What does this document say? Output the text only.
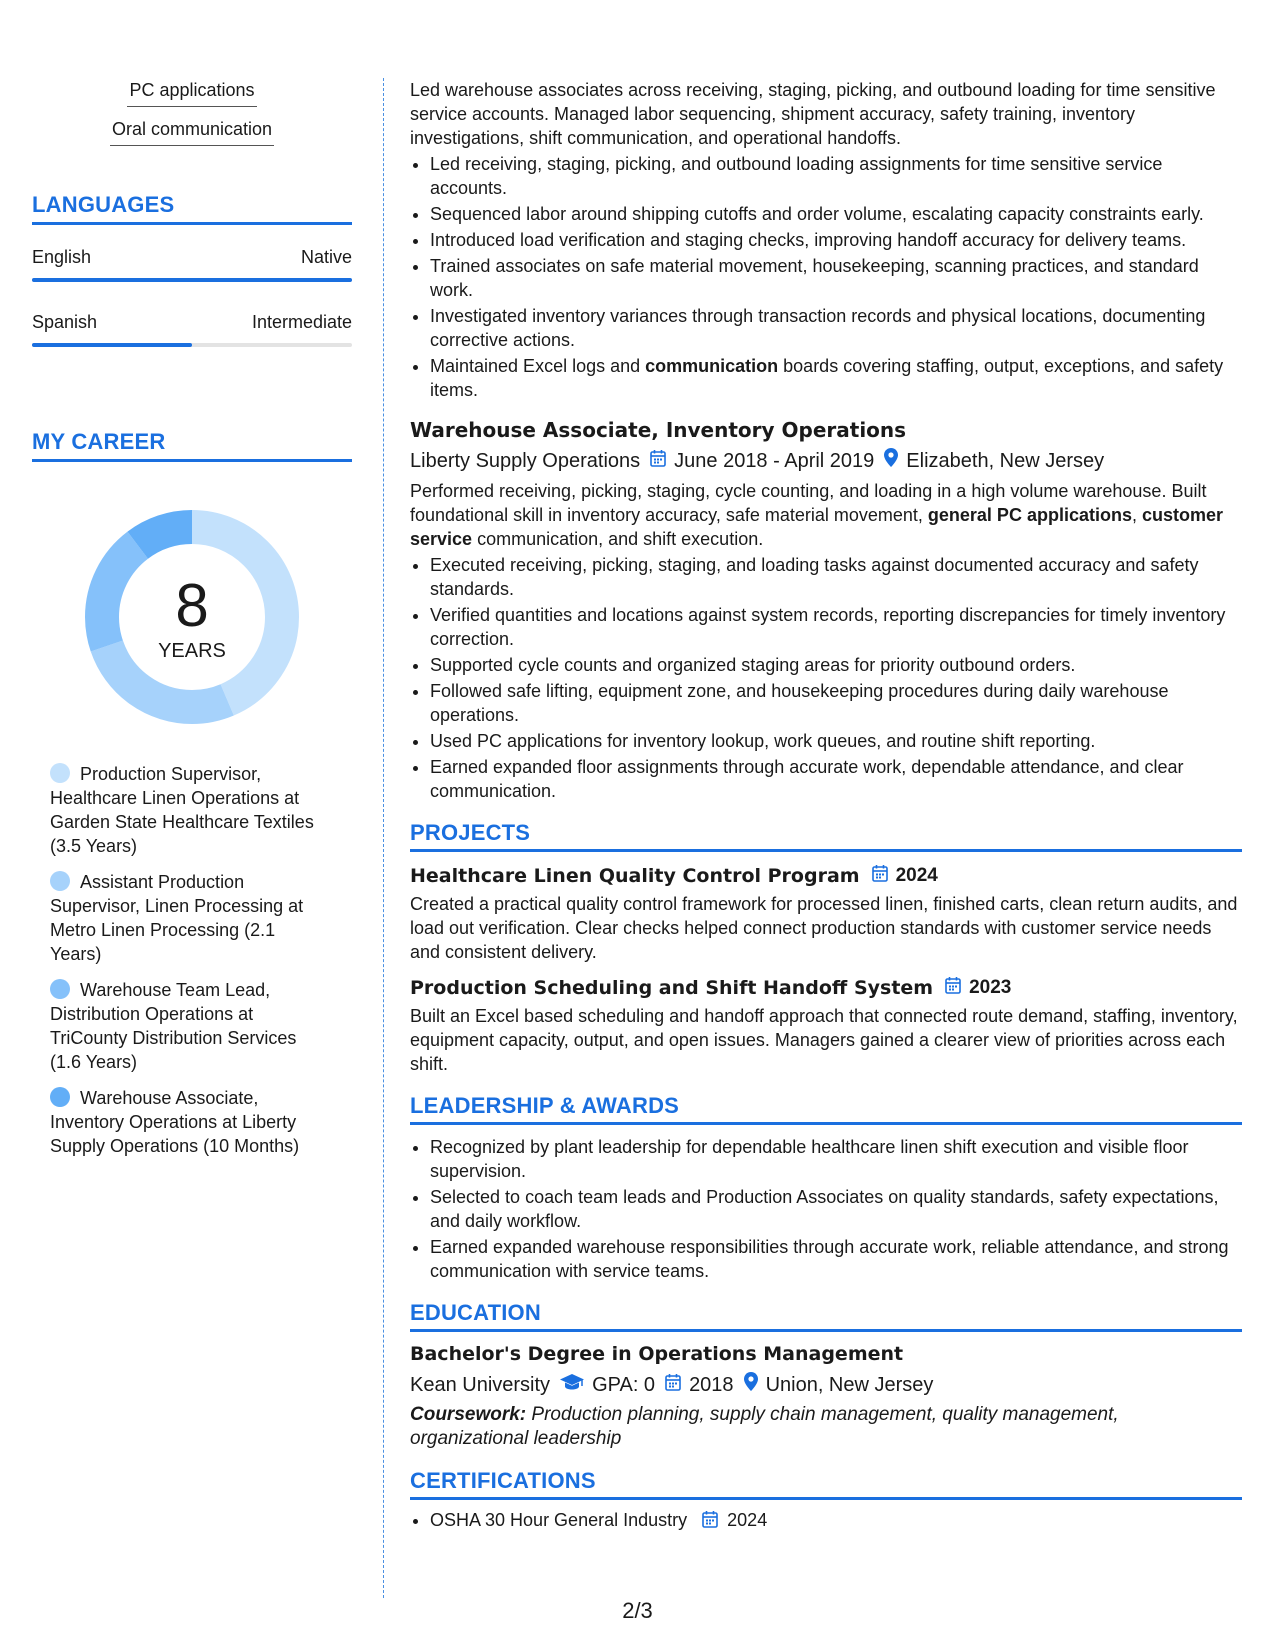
PC applications
Oral communication
LANGUAGES
English	Native
Spanish	Intermediate
MY CAREER
8
YEARS
Production Supervisor, Healthcare Linen Operations at Garden State Healthcare Textiles (3.5 Years)
Assistant Production Supervisor, Linen Processing at Metro Linen Processing (2.1 Years)
Warehouse Team Lead, Distribution Operations at TriCounty Distribution Services (1.6 Years)
Warehouse Associate, Inventory Operations at Liberty Supply Operations (10 Months)

Led warehouse associates across receiving, staging, picking, and outbound loading for time sensitive service accounts. Managed labor sequencing, shipment accuracy, safety training, inventory investigations, shift communication, and operational handoffs.

• Led receiving, staging, picking, and outbound loading assignments for time sensitive service accounts.
• Sequenced labor around shipping cutoffs and order volume, escalating capacity constraints early.
• Introduced load verification and staging checks, improving handoff accuracy for delivery teams.
• Trained associates on safe material movement, housekeeping, scanning practices, and standard work.
• Investigated inventory variances through transaction records and physical locations, documenting corrective actions.
• Maintained Excel logs and communication boards covering staffing, output, exceptions, and safety items.
Warehouse Associate, Inventory Operations
Liberty Supply Operations June 2018 - April 2019 Elizabeth, New Jersey

Performed receiving, picking, staging, cycle counting, and loading in a high volume warehouse. Built foundational skill in inventory accuracy, safe material movement, general PC applications, customer service communication, and shift execution.

• Executed receiving, picking, staging, and loading tasks against documented accuracy and safety standards.
• Verified quantities and locations against system records, reporting discrepancies for timely inventory correction.
• Supported cycle counts and organized staging areas for priority outbound orders.
• Followed safe lifting, equipment zone, and housekeeping procedures during daily warehouse operations.
• Used PC applications for inventory lookup, work queues, and routine shift reporting.
• Earned expanded floor assignments through accurate work, dependable attendance, and clear communication.
PROJECTS
Healthcare Linen Quality Control Program 2024

Created a practical quality control framework for processed linen, finished carts, clean return audits, and load out verification. Clear checks helped connect production standards with customer service needs and consistent delivery.

Production Scheduling and Shift Handoff System 2023

Built an Excel based scheduling and handoff approach that connected route demand, staffing, inventory, equipment capacity, output, and open issues. Managers gained a clearer view of priorities across each shift.

LEADERSHIP & AWARDS
• Recognized by plant leadership for dependable healthcare linen shift execution and visible floor supervision.
• Selected to coach team leads and Production Associates on quality standards, safety expectations, and daily workflow.
• Earned expanded warehouse responsibilities through accurate work, reliable attendance, and strong communication with service teams.
EDUCATION
Bachelor's Degree in Operations Management
Kean University GPA: 0 2018 Union, New Jersey

Coursework: Production planning, supply chain management, quality management, organizational leadership

CERTIFICATIONS
• OSHA 30 Hour General Industry 2024
2/3
